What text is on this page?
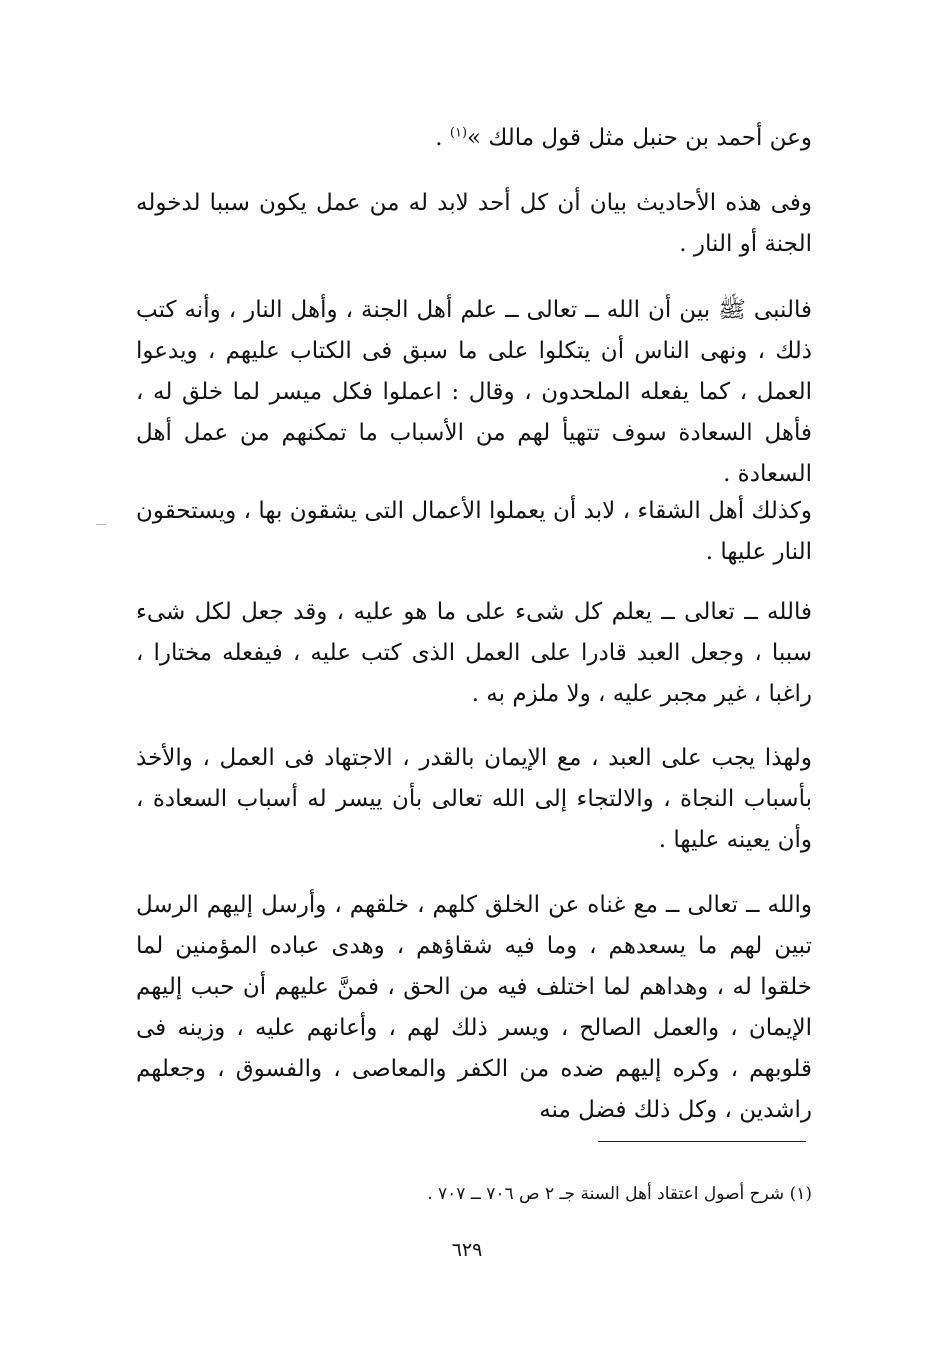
وعن أحمد بن حنبل مثل قول مالك »$^{(١)}$ .
وفى هذه الأحاديث بيان أن كل أحد لابد له من عمل يكون سببا لدخوله الجنة أو النار .
فالنبى ﷺ بين أن الله ــ تعالى ــ علم أهل الجنة ، وأهل النار ، وأنه كتب ذلك ، ونهى الناس أن يتكلوا على ما سبق فى الكتاب عليهم ، ويدعوا العمل ، كما يفعله الملحدون ، وقال : اعملوا فكل ميسر لما خلق له ، فأهل السعادة سوف تتهيأ لهم من الأسباب ما تمكنهم من عمل أهل السعادة .
وكذلك أهل الشقاء ، لابد أن يعملوا الأعمال التى يشقون بها ، ويستحقون النار عليها .
فالله ــ تعالى ــ يعلم كل شىء على ما هو عليه ، وقد جعل لكل شىء سببا ، وجعل العبد قادرا على العمل الذى كتب عليه ، فيفعله مختارا ، راغبا ، غير مجبر عليه ، ولا ملزم به .
ولهذا يجب على العبد ، مع الإيمان بالقدر ، الاجتهاد فى العمل ، والأخذ بأسباب النجاة ، والالتجاء إلى الله تعالى بأن ييسر له أسباب السعادة ، وأن يعينه عليها .
والله ــ تعالى ــ مع غناه عن الخلق كلهم ، خلقهم ، وأرسل إليهم الرسل تبين لهم ما يسعدهم ، وما فيه شقاؤهم ، وهدى عباده المؤمنين لما خلقوا له ، وهداهم لما اختلف فيه من الحق ، فمنَّ عليهم أن حبب إليهم الإيمان ، والعمل الصالح ، ويسر ذلك لهم ، وأعانهم عليه ، وزينه فى قلوبهم ، وكره إليهم ضده من الكفر والمعاصى ، والفسوق ، وجعلهم راشدين ، وكل ذلك فضل منه
(١) شرح أصول اعتقاد أهل السنة جـ ٢ ص ٧٠٦ ــ ٧٠٧ .
٦٢٩
